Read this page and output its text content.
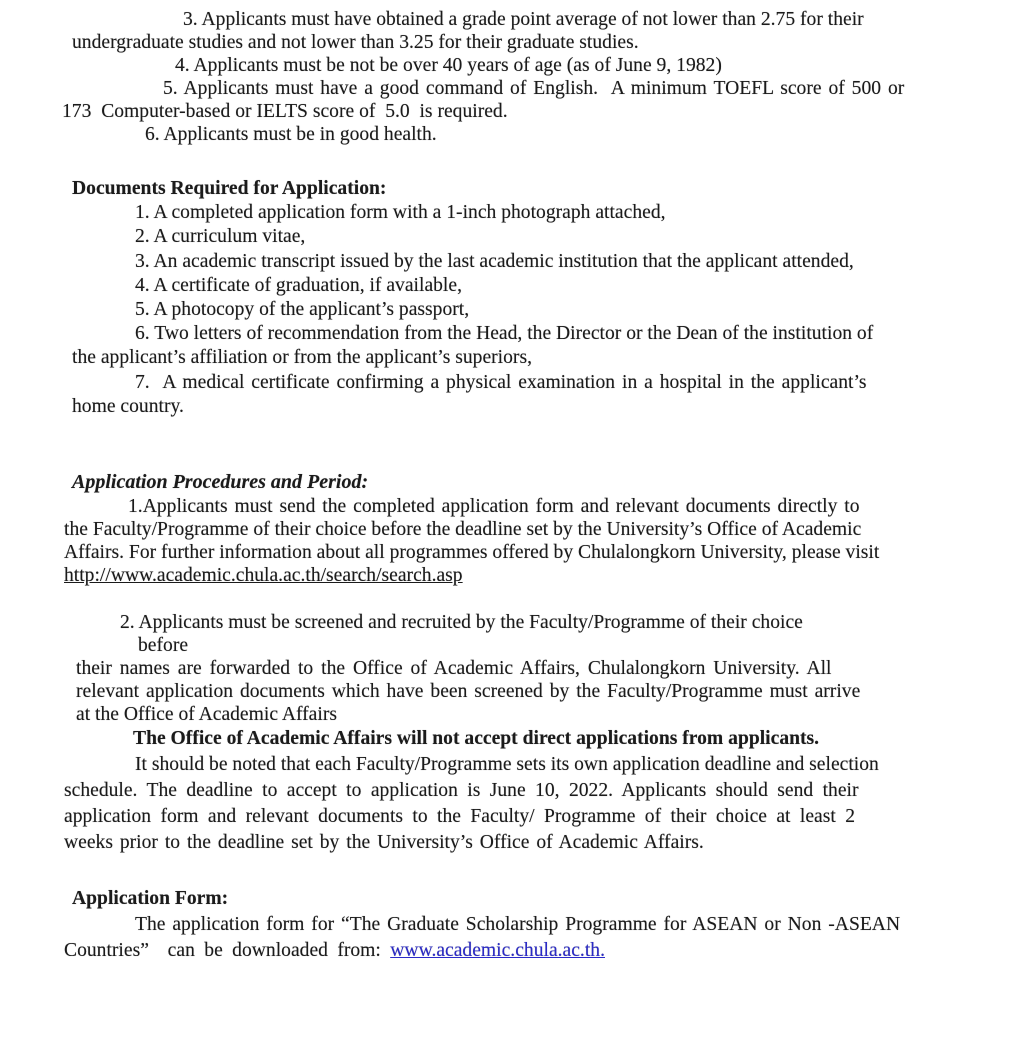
3. Applicants must have obtained a grade point average of not lower than 2.75 for their
undergraduate studies and not lower than 3.25 for their graduate studies.
4. Applicants must be not be over 40 years of age (as of June 9, 1982)
5. Applicants must have a good command of English.  A minimum TOEFL score of 500 or
173  Computer-based or IELTS score of  5.0  is required.
6. Applicants must be in good health.
Documents Required for Application:
1. A completed application form with a 1-inch photograph attached,
2. A curriculum vitae,
3. An academic transcript issued by the last academic institution that the applicant attended,
4. A certificate of graduation, if available,
5. A photocopy of the applicant’s passport,
6. Two letters of recommendation from the Head, the Director or the Dean of the institution of
the applicant’s affiliation or from the applicant’s superiors,
7.  A medical certificate confirming a physical examination in a hospital in the applicant’s
home country.
Application Procedures and Period:
1.Applicants must send the completed application form and relevant documents directly to
the Faculty/Programme of their choice before the deadline set by the University’s Office of Academic
Affairs. For further information about all programmes offered by Chulalongkorn University, please visit
http://www.academic.chula.ac.th/search/search.asp
2. Applicants must be screened and recruited by the Faculty/Programme of their choice
before
their names are forwarded to the Office of Academic Affairs, Chulalongkorn University. All
relevant application documents which have been screened by the Faculty/Programme must arrive
at the Office of Academic Affairs
The Office of Academic Affairs will not accept direct applications from applicants.
It should be noted that each Faculty/Programme sets its own application deadline and selection
schedule. The deadline to accept to application is June 10, 2022. Applicants should send their
application form and relevant documents to the Faculty/ Programme of their choice at least 2
weeks prior to the deadline set by the University’s Office of Academic Affairs.
Application Form:
The application form for “The Graduate Scholarship Programme for ASEAN or Non -ASEAN
Countries”  can be downloaded from: www.academic.chula.ac.th.
